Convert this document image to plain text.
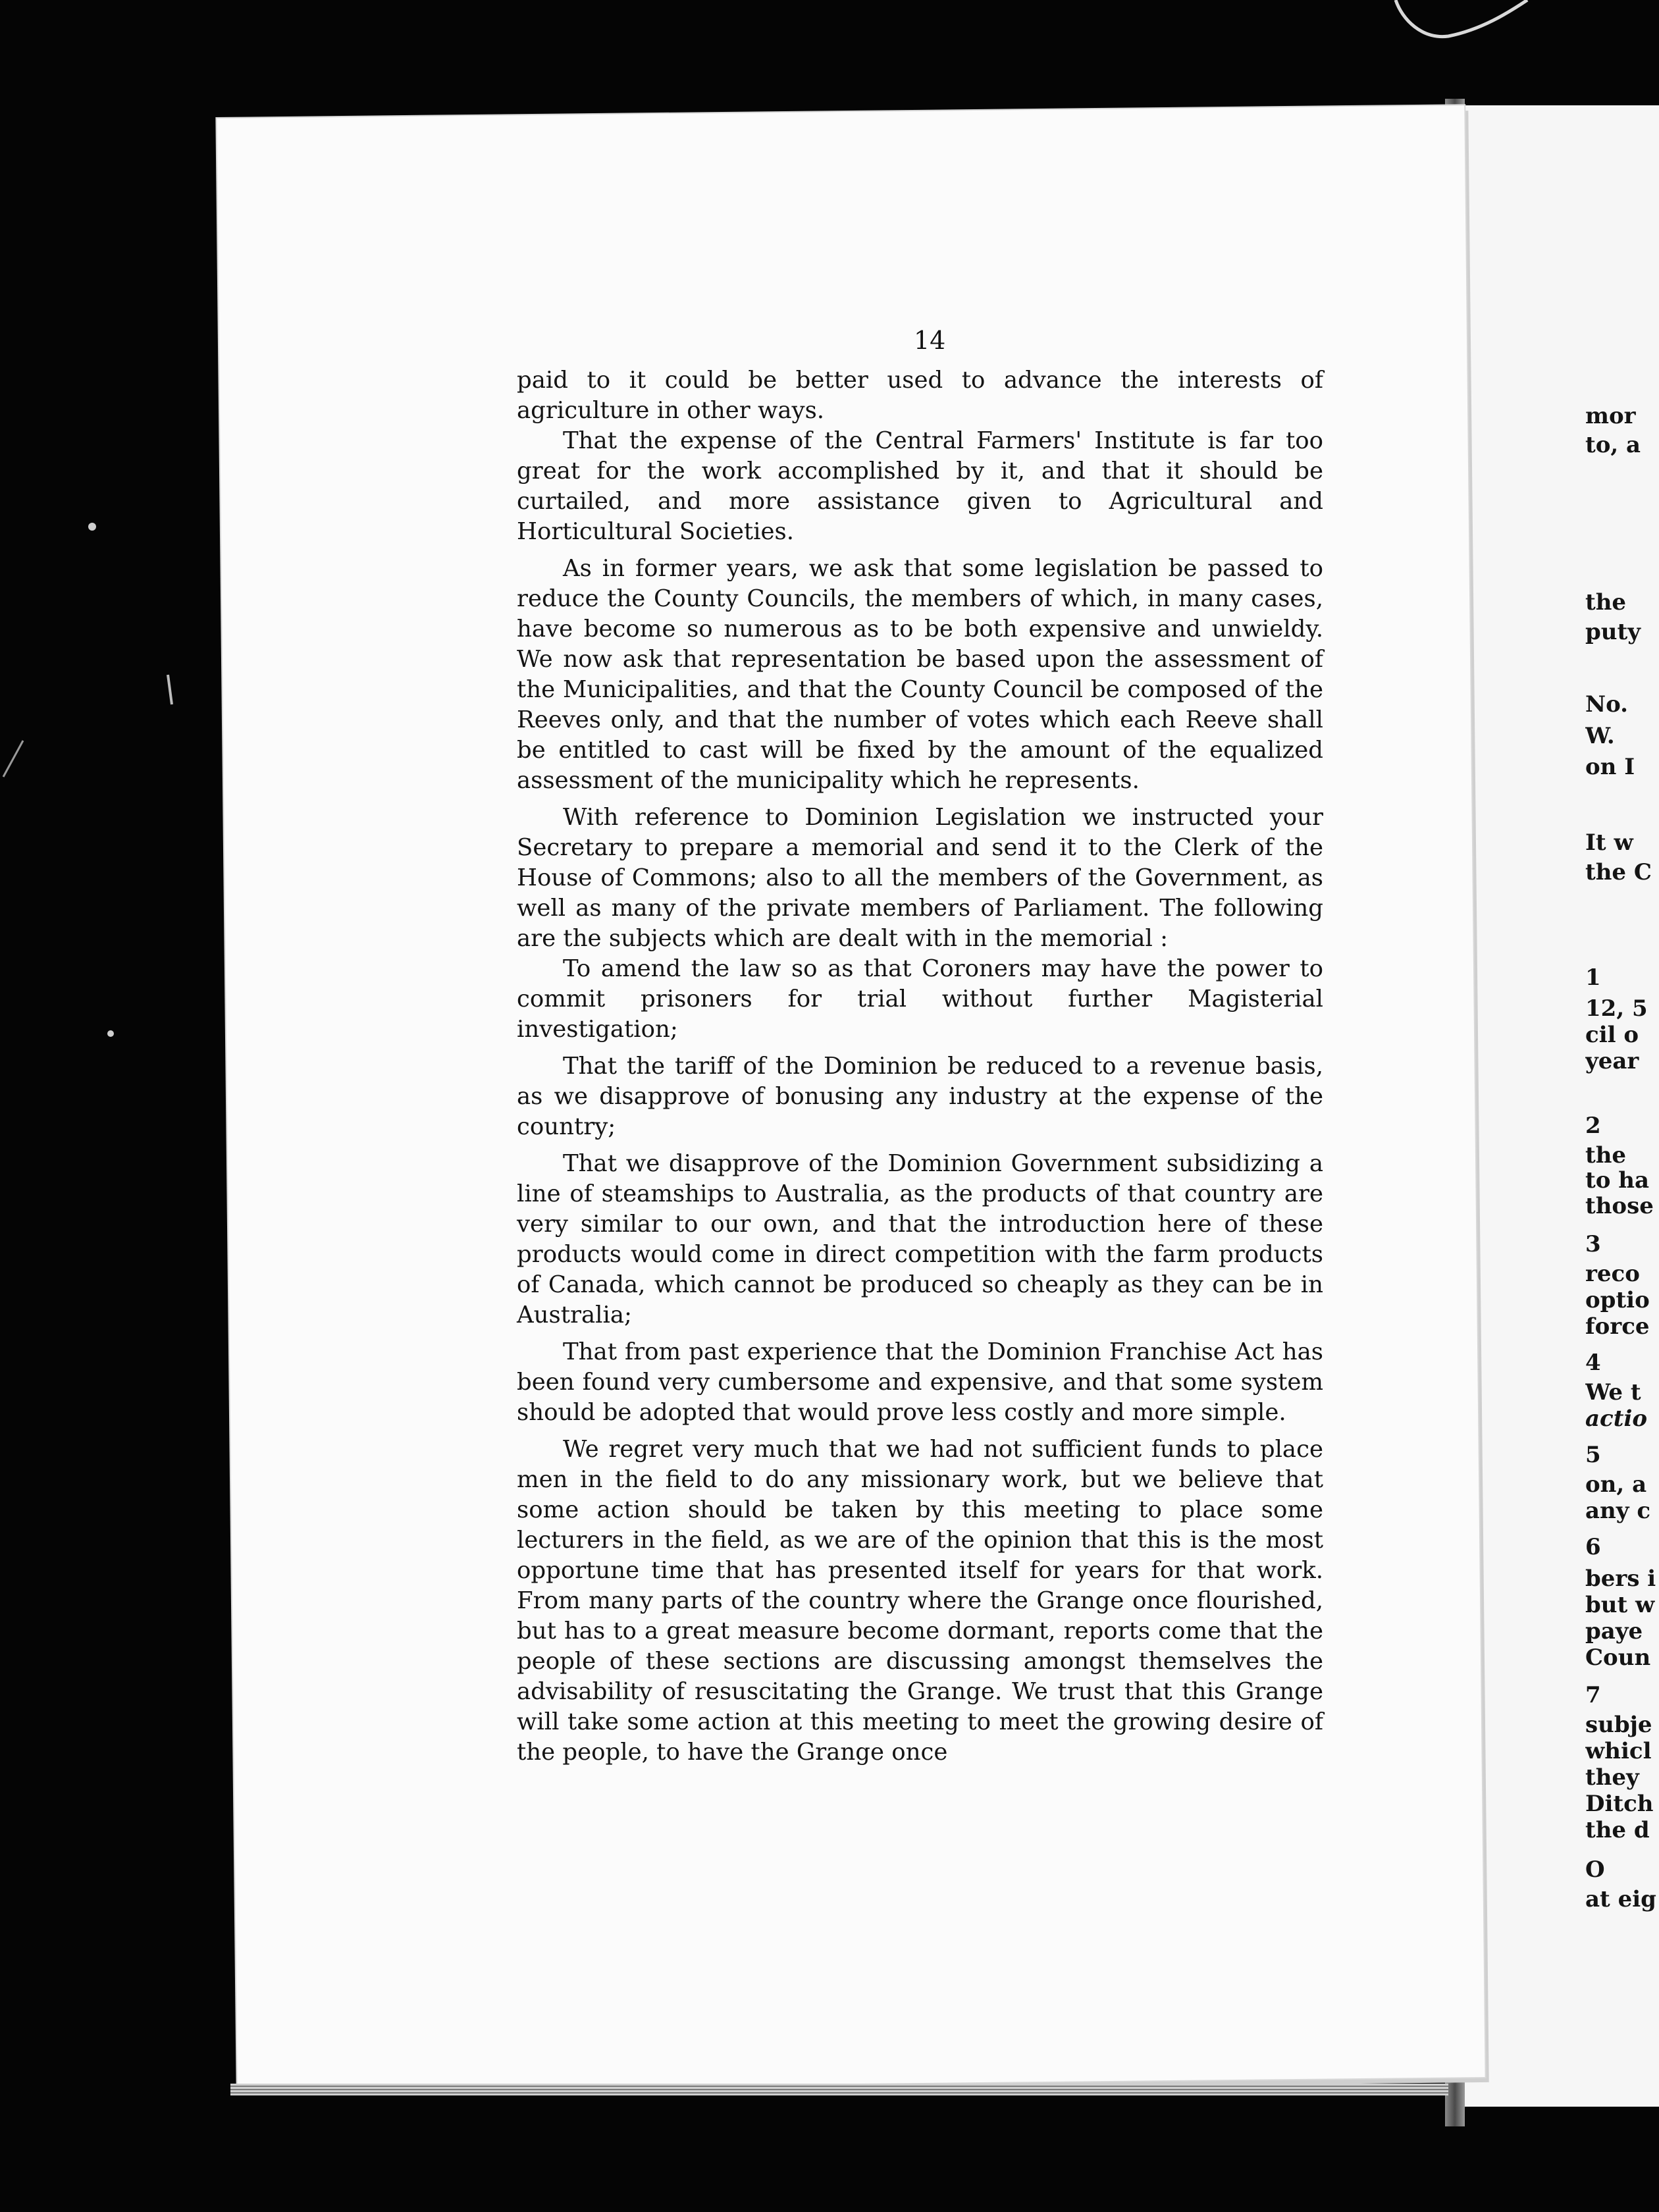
14

paid to it could be better used to advance the interests of agriculture in other ways.

That the expense of the Central Farmers' Institute is far too great for the work accomplished by it, and that it should be curtailed, and more assistance given to Agricultural and Horticultural Societies.

As in former years, we ask that some legislation be passed to reduce the County Councils, the members of which, in many cases, have become so numerous as to be both expensive and unwieldy. We now ask that representation be based upon the assessment of the Municipalities, and that the County Council be composed of the Reeves only, and that the number of votes which each Reeve shall be entitled to cast will be fixed by the amount of the equalized assessment of the municipality which he represents.

With reference to Dominion Legislation we instructed your Secretary to prepare a memorial and send it to the Clerk of the House of Commons; also to all the members of the Government, as well as many of the private members of Parliament. The following are the subjects which are dealt with in the memorial :

To amend the law so as that Coroners may have the power to commit prisoners for trial without further Magisterial investigation;

That the tariff of the Dominion be reduced to a revenue basis, as we disapprove of bonusing any industry at the expense of the country;

That we disapprove of the Dominion Government subsidizing a line of steamships to Australia, as the products of that country are very similar to our own, and that the introduction here of these products would come in direct competition with the farm products of Canada, which cannot be produced so cheaply as they can be in Australia;

That from past experience that the Dominion Franchise Act has been found very cumbersome and expensive, and that some system should be adopted that would prove less costly and more simple.

We regret very much that we had not sufficient funds to place men in the field to do any missionary work, but we believe that some action should be taken by this meeting to place some lecturers in the field, as we are of the opinion that this is the most opportune time that has presented itself for years for that work. From many parts of the country where the Grange once flourished, but has to a great measure become dormant, reports come that the people of these sections are discussing amongst themselves the advisability of resuscitating the Grange. We trust that this Grange will take some action at this meeting to meet the growing desire of the people, to have the Grange once

mor
to, a
the
puty
No.
W.
on I
It w
the C
1
12, 5
cil o
year
2
the
to ha
those
3
reco
optio
force
4
We t
actio
5
on, a
any c
6
bers i
but w
paye
Coun
7
subje
whicl
they
Ditch
the d
O
at eig
